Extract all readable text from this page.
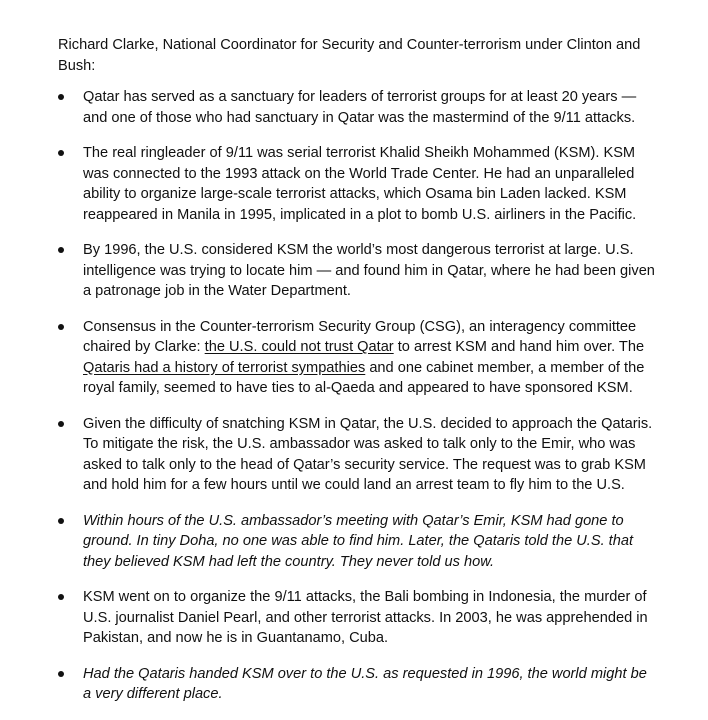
Richard Clarke, National Coordinator for Security and Counter-terrorism under Clinton and Bush:

Qatar has served as a sanctuary for leaders of terrorist groups for at least 20 years — and one of those who had sanctuary in Qatar was the mastermind of the 9/11 attacks.
The real ringleader of 9/11 was serial terrorist Khalid Sheikh Mohammed (KSM). KSM was connected to the 1993 attack on the World Trade Center. He had an unparalleled ability to organize large-scale terrorist attacks, which Osama bin Laden lacked. KSM reappeared in Manila in 1995, implicated in a plot to bomb U.S. airliners in the Pacific.
By 1996, the U.S. considered KSM the world’s most dangerous terrorist at large. U.S. intelligence was trying to locate him — and found him in Qatar, where he had been given a patronage job in the Water Department.
Consensus in the Counter-terrorism Security Group (CSG), an interagency committee chaired by Clarke: the U.S. could not trust Qatar to arrest KSM and hand him over. The Qataris had a history of terrorist sympathies and one cabinet member, a member of the royal family, seemed to have ties to al-Qaeda and appeared to have sponsored KSM.
Given the difficulty of snatching KSM in Qatar, the U.S. decided to approach the Qataris. To mitigate the risk, the U.S. ambassador was asked to talk only to the Emir, who was asked to talk only to the head of Qatar’s security service. The request was to grab KSM and hold him for a few hours until we could land an arrest team to fly him to the U.S.
Within hours of the U.S. ambassador’s meeting with Qatar’s Emir, KSM had gone to ground. In tiny Doha, no one was able to find him. Later, the Qataris told the U.S. that they believed KSM had left the country. They never told us how.
KSM went on to organize the 9/11 attacks, the Bali bombing in Indonesia, the murder of U.S. journalist Daniel Pearl, and other terrorist attacks. In 2003, he was apprehended in Pakistan, and now he is in Guantanamo, Cuba.
Had the Qataris handed KSM over to the U.S. as requested in 1996, the world might be a very different place.
